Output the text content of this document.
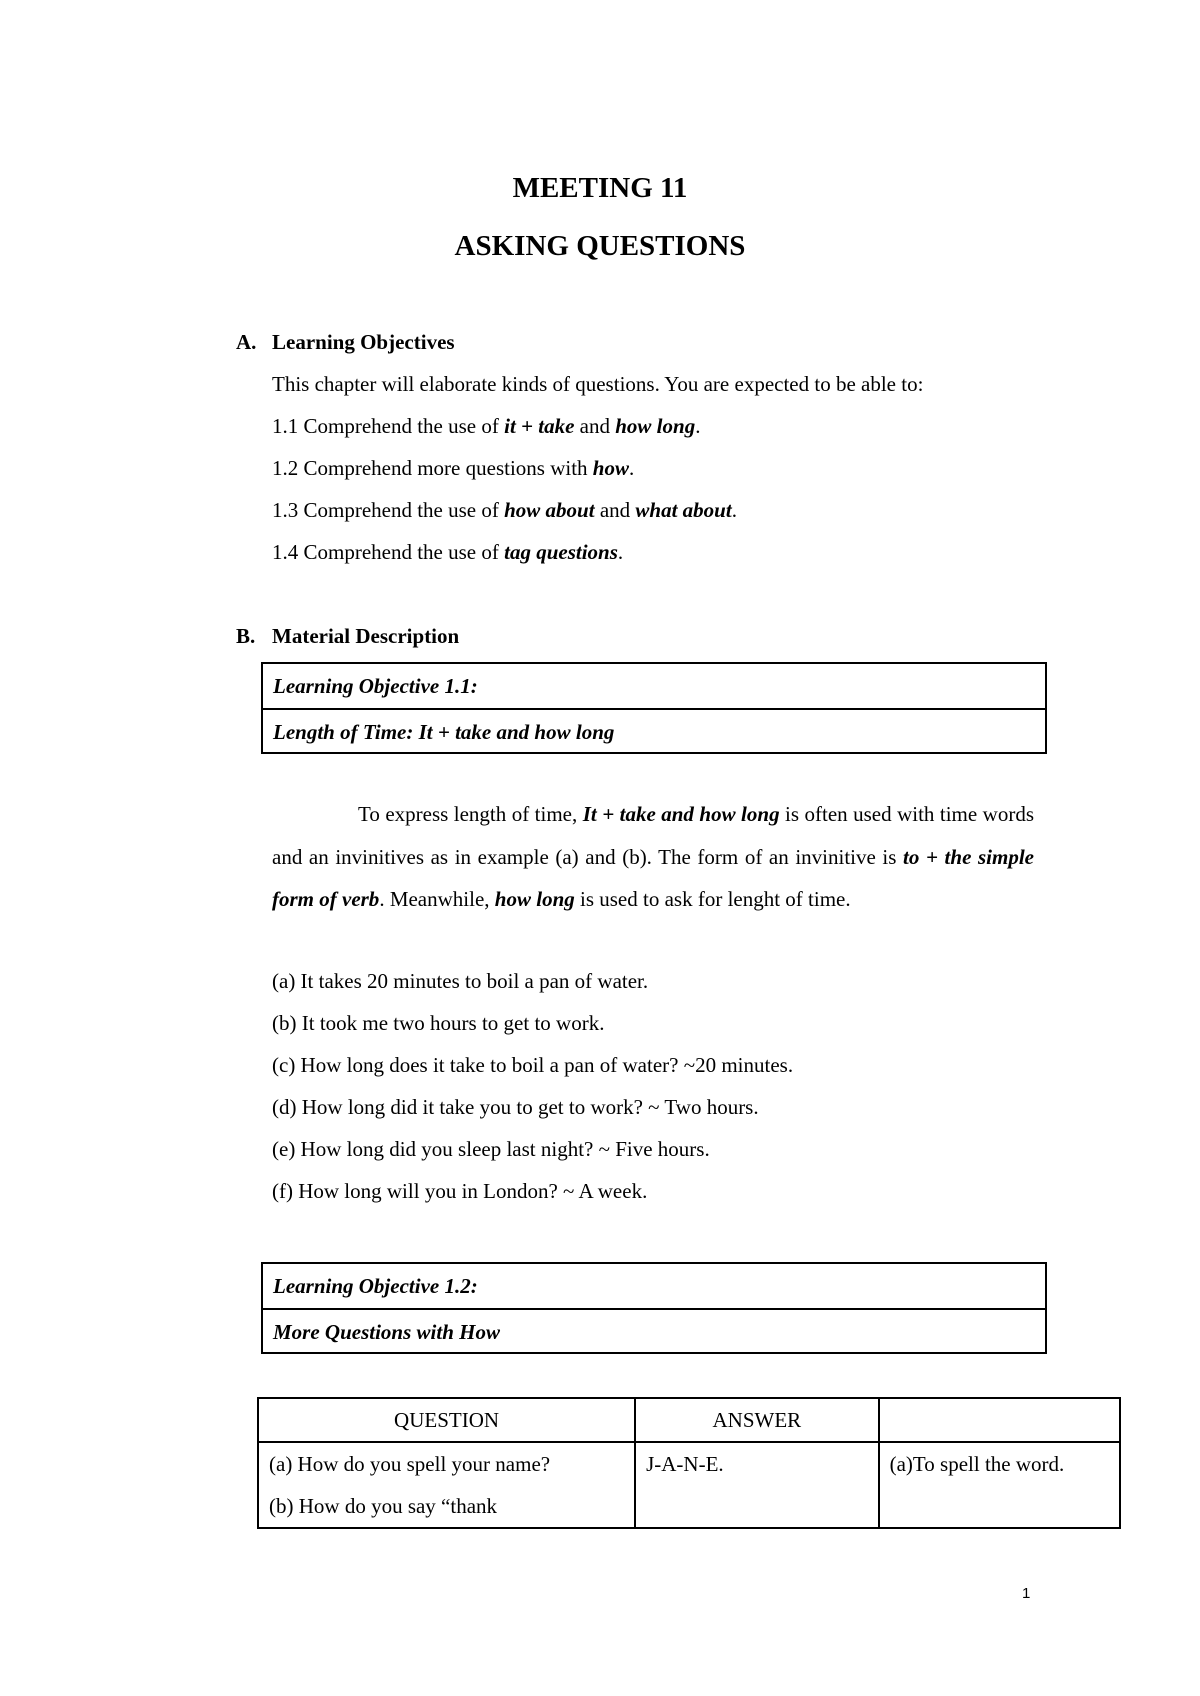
MEETING 11
ASKING QUESTIONS
A. Learning Objectives
This chapter will elaborate kinds of questions. You are expected to be able to:
1.1 Comprehend the use of it + take and how long.
1.2 Comprehend more questions with how.
1.3 Comprehend the use of how about and what about.
1.4 Comprehend the use of tag questions.
B. Material Description
Learning Objective 1.1:
Length of Time: It + take and how long
To express length of time, It + take and how long is often used with time words and an invinitives as in example (a) and (b). The form of an invinitive is to + the simple form of verb. Meanwhile, how long is used to ask for lenght of time.
(a) It takes 20 minutes to boil a pan of water.
(b) It took me two hours to get to work.
(c) How long does it take to boil a pan of water? ~20 minutes.
(d) How long did it take you to get to work? ~ Two hours.
(e) How long did you sleep last night? ~ Five hours.
(f) How long will you in London? ~ A week.
Learning Objective 1.2:
More Questions with How
QUESTION	ANSWER	

(a) How do you spell your name?
(b) How do you say “thank	J-A-N-E.	(a)To spell the word.
1
